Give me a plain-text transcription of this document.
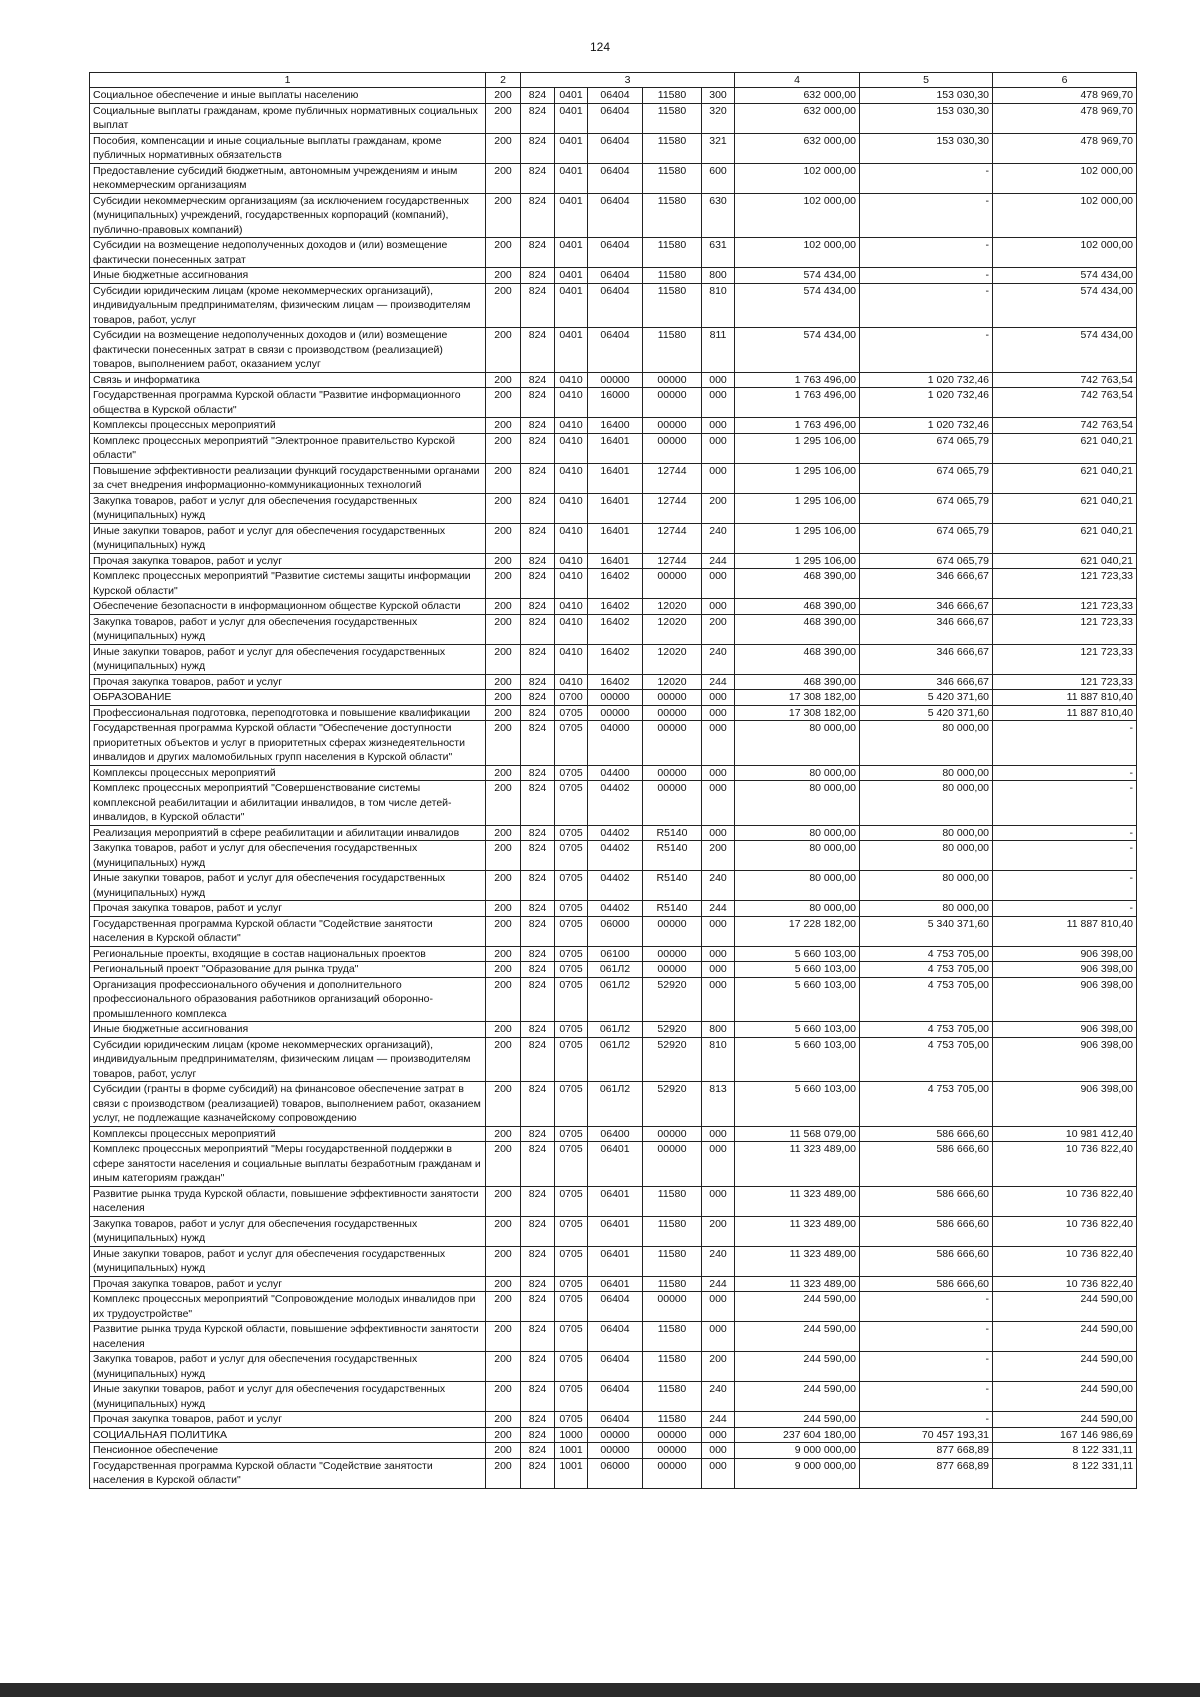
124
1	2	3					4	5	6
Социальное обеспечение и иные выплаты населению	200	824	0401	06404	11580	300	632 000,00	153 030,30	478 969,70
Социальные выплаты гражданам, кроме публичных нормативных социальных выплат	200	824	0401	06404	11580	320	632 000,00	153 030,30	478 969,70
Пособия, компенсации и иные социальные выплаты гражданам, кроме публичных нормативных обязательств	200	824	0401	06404	11580	321	632 000,00	153 030,30	478 969,70
Предоставление субсидий бюджетным, автономным учреждениям и иным некоммерческим организациям	200	824	0401	06404	11580	600	102 000,00	-	102 000,00
Субсидии некоммерческим организациям (за исключением государственных (муниципальных) учреждений, государственных корпораций (компаний), публично-правовых компаний)	200	824	0401	06404	11580	630	102 000,00	-	102 000,00
Субсидии на возмещение недополученных доходов и (или) возмещение фактически понесенных затрат	200	824	0401	06404	11580	631	102 000,00	-	102 000,00
Иные бюджетные ассигнования	200	824	0401	06404	11580	800	574 434,00	-	574 434,00
Субсидии юридическим лицам (кроме некоммерческих организаций), индивидуальным предпринимателям, физическим лицам — производителям товаров, работ, услуг	200	824	0401	06404	11580	810	574 434,00	-	574 434,00
Субсидии на возмещение недополученных доходов и (или) возмещение фактически понесенных затрат в связи с производством (реализацией) товаров, выполнением работ, оказанием услуг	200	824	0401	06404	11580	811	574 434,00	-	574 434,00
Связь и информатика	200	824	0410	00000	00000	000	1 763 496,00	1 020 732,46	742 763,54
Государственная программа Курской области "Развитие информационного общества в Курской области"	200	824	0410	16000	00000	000	1 763 496,00	1 020 732,46	742 763,54
Комплексы процессных мероприятий	200	824	0410	16400	00000	000	1 763 496,00	1 020 732,46	742 763,54
Комплекс процессных мероприятий "Электронное правительство Курской области"	200	824	0410	16401	00000	000	1 295 106,00	674 065,79	621 040,21
Повышение эффективности реализации функций государственными органами за счет внедрения информационно-коммуникационных технологий	200	824	0410	16401	12744	000	1 295 106,00	674 065,79	621 040,21
Закупка товаров, работ и услуг для обеспечения государственных (муниципальных) нужд	200	824	0410	16401	12744	200	1 295 106,00	674 065,79	621 040,21
Иные закупки товаров, работ и услуг для обеспечения государственных (муниципальных) нужд	200	824	0410	16401	12744	240	1 295 106,00	674 065,79	621 040,21
Прочая закупка товаров, работ и услуг	200	824	0410	16401	12744	244	1 295 106,00	674 065,79	621 040,21
Комплекс процессных мероприятий "Развитие системы защиты информации Курской области"	200	824	0410	16402	00000	000	468 390,00	346 666,67	121 723,33
Обеспечение безопасности в информационном обществе Курской области	200	824	0410	16402	12020	000	468 390,00	346 666,67	121 723,33
Закупка товаров, работ и услуг для обеспечения государственных (муниципальных) нужд	200	824	0410	16402	12020	200	468 390,00	346 666,67	121 723,33
Иные закупки товаров, работ и услуг для обеспечения государственных (муниципальных) нужд	200	824	0410	16402	12020	240	468 390,00	346 666,67	121 723,33
Прочая закупка товаров, работ и услуг	200	824	0410	16402	12020	244	468 390,00	346 666,67	121 723,33
ОБРАЗОВАНИЕ	200	824	0700	00000	00000	000	17 308 182,00	5 420 371,60	11 887 810,40
Профессиональная подготовка, переподготовка и повышение квалификации	200	824	0705	00000	00000	000	17 308 182,00	5 420 371,60	11 887 810,40
Государственная программа Курской области "Обеспечение доступности приоритетных объектов и услуг в приоритетных сферах жизнедеятельности инвалидов и других маломобильных групп населения в Курской области"	200	824	0705	04000	00000	000	80 000,00	80 000,00	-
Комплексы процессных мероприятий	200	824	0705	04400	00000	000	80 000,00	80 000,00	-
Комплекс процессных мероприятий "Совершенствование системы комплексной реабилитации и абилитации инвалидов, в том числе детей-инвалидов, в Курской области"	200	824	0705	04402	00000	000	80 000,00	80 000,00	-
Реализация мероприятий в сфере реабилитации и абилитации инвалидов	200	824	0705	04402	R5140	000	80 000,00	80 000,00	-
Закупка товаров, работ и услуг для обеспечения государственных (муниципальных) нужд	200	824	0705	04402	R5140	200	80 000,00	80 000,00	-
Иные закупки товаров, работ и услуг для обеспечения государственных (муниципальных) нужд	200	824	0705	04402	R5140	240	80 000,00	80 000,00	-
Прочая закупка товаров, работ и услуг	200	824	0705	04402	R5140	244	80 000,00	80 000,00	-
Государственная программа Курской области "Содействие занятости населения в Курской области"	200	824	0705	06000	00000	000	17 228 182,00	5 340 371,60	11 887 810,40
Региональные проекты, входящие в состав национальных проектов	200	824	0705	06100	00000	000	5 660 103,00	4 753 705,00	906 398,00
Региональный проект "Образование для рынка труда"	200	824	0705	061Л2	00000	000	5 660 103,00	4 753 705,00	906 398,00
Организация профессионального обучения и дополнительного профессионального образования работников организаций оборонно-промышленного комплекса	200	824	0705	061Л2	52920	000	5 660 103,00	4 753 705,00	906 398,00
Иные бюджетные ассигнования	200	824	0705	061Л2	52920	800	5 660 103,00	4 753 705,00	906 398,00
Субсидии юридическим лицам (кроме некоммерческих организаций), индивидуальным предпринимателям, физическим лицам — производителям товаров, работ, услуг	200	824	0705	061Л2	52920	810	5 660 103,00	4 753 705,00	906 398,00
Субсидии (гранты в форме субсидий) на финансовое обеспечение затрат в связи с производством (реализацией) товаров, выполнением работ, оказанием услуг, не подлежащие казначейскому сопровождению	200	824	0705	061Л2	52920	813	5 660 103,00	4 753 705,00	906 398,00
Комплексы процессных мероприятий	200	824	0705	06400	00000	000	11 568 079,00	586 666,60	10 981 412,40
Комплекс процессных мероприятий "Меры государственной поддержки в сфере занятости населения и социальные выплаты безработным гражданам и иным категориям граждан"	200	824	0705	06401	00000	000	11 323 489,00	586 666,60	10 736 822,40
Развитие рынка труда Курской области, повышение эффективности занятости населения	200	824	0705	06401	11580	000	11 323 489,00	586 666,60	10 736 822,40
Закупка товаров, работ и услуг для обеспечения государственных (муниципальных) нужд	200	824	0705	06401	11580	200	11 323 489,00	586 666,60	10 736 822,40
Иные закупки товаров, работ и услуг для обеспечения государственных (муниципальных) нужд	200	824	0705	06401	11580	240	11 323 489,00	586 666,60	10 736 822,40
Прочая закупка товаров, работ и услуг	200	824	0705	06401	11580	244	11 323 489,00	586 666,60	10 736 822,40
Комплекс процессных мероприятий "Сопровождение молодых инвалидов при их трудоустройстве"	200	824	0705	06404	00000	000	244 590,00	-	244 590,00
Развитие рынка труда Курской области, повышение эффективности занятости населения	200	824	0705	06404	11580	000	244 590,00	-	244 590,00
Закупка товаров, работ и услуг для обеспечения государственных (муниципальных) нужд	200	824	0705	06404	11580	200	244 590,00	-	244 590,00
Иные закупки товаров, работ и услуг для обеспечения государственных (муниципальных) нужд	200	824	0705	06404	11580	240	244 590,00	-	244 590,00
Прочая закупка товаров, работ и услуг	200	824	0705	06404	11580	244	244 590,00	-	244 590,00
СОЦИАЛЬНАЯ ПОЛИТИКА	200	824	1000	00000	00000	000	237 604 180,00	70 457 193,31	167 146 986,69
Пенсионное обеспечение	200	824	1001	00000	00000	000	9 000 000,00	877 668,89	8 122 331,11
Государственная программа Курской области "Содействие занятости населения в Курской области"	200	824	1001	06000	00000	000	9 000 000,00	877 668,89	8 122 331,11
